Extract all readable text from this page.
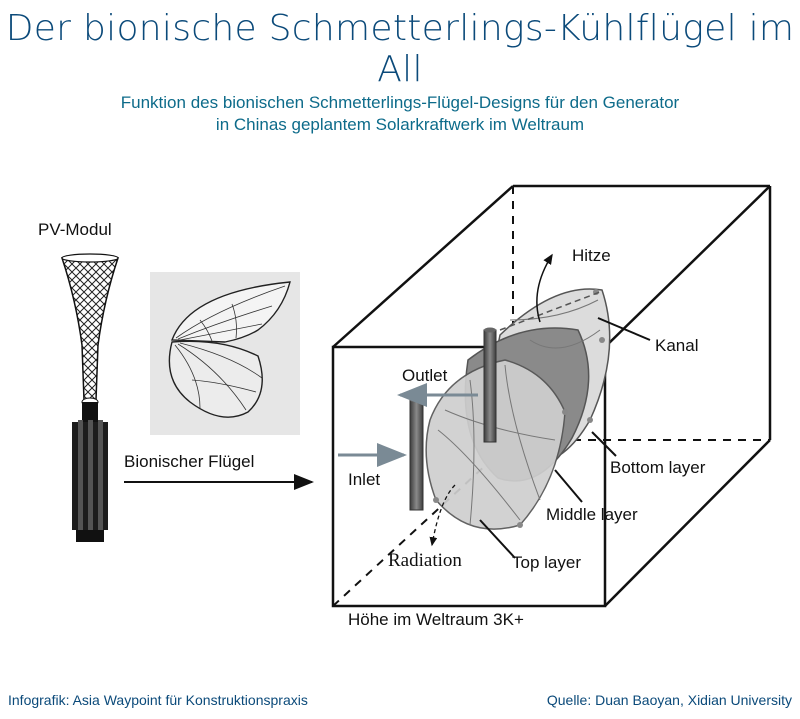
Der bionische Schmetterlings-Kühlflügel im All
Funktion des bionischen Schmetterlings-Flügel-Designs für den Generator
in Chinas geplantem Solarkraftwerk im Weltraum
PV-Modul
Bionischer Flügel
Hitze
Kanal
Outlet
Inlet
Bottom layer
Middle layer
Top layer
Radiation
Höhe im Weltraum 3K+
Infografik: Asia Waypoint für Konstruktionspraxis	Quelle: Duan Baoyan, Xidian University
